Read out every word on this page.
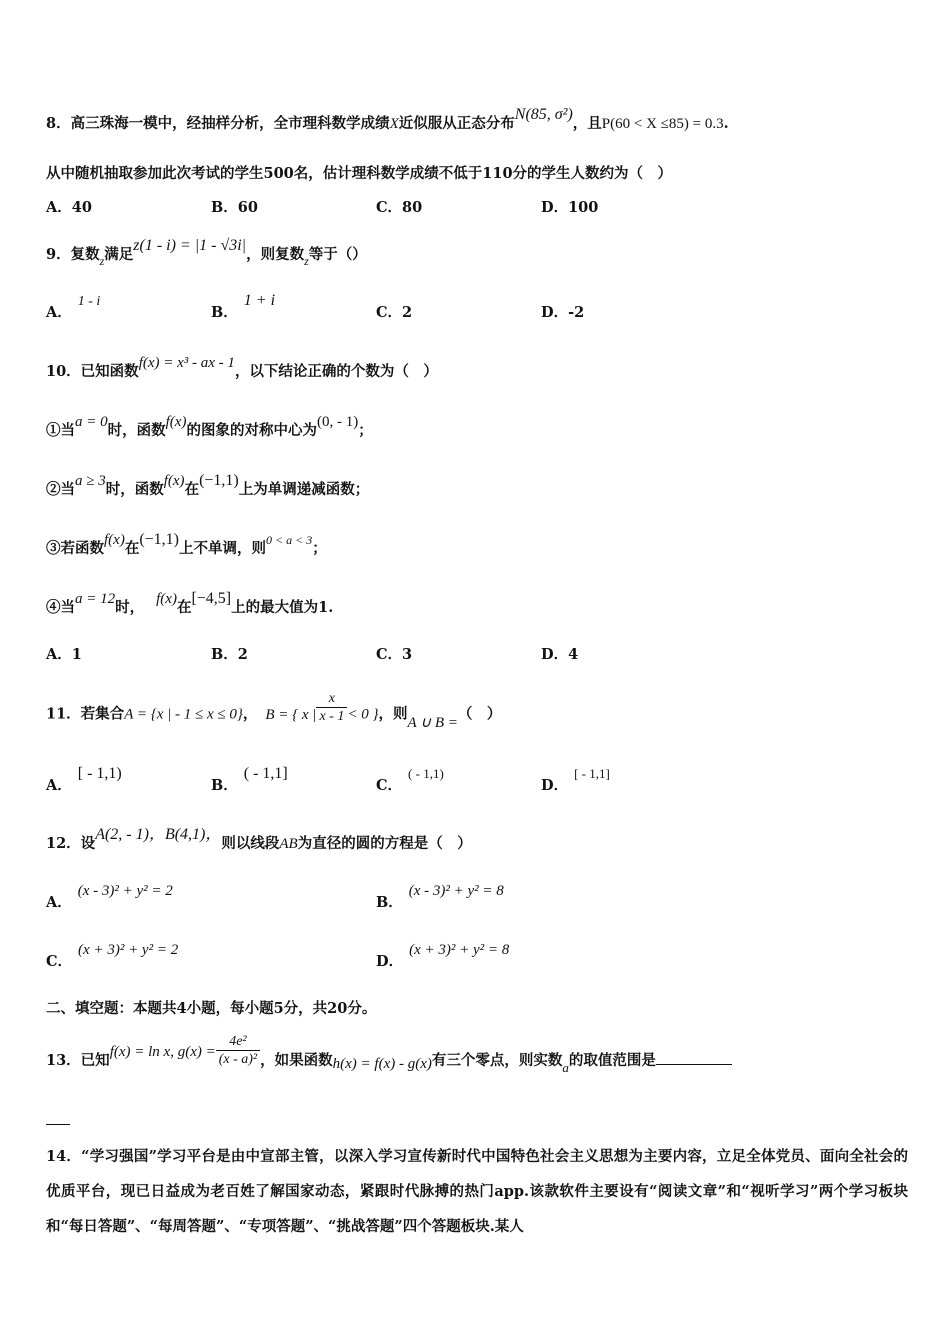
8．高三珠海一模中，经抽样分析，全市理科数学成绩X近似服从正态分布N(85, σ²)，且P(60 < X ≤85) = 0.3.
从中随机抽取参加此次考试的学生500名，估计理科数学成绩不低于110分的学生人数约为（　）
A．40	B．60	C．80	D．100
9．复数$_z$满足z(1 - i) = |1 - √3i|，则复数$_z$等于（）
A．1 - i
B．1 + i
C．2	D．-2
10．已知函数f(x) = x³ - ax - 1，以下结论正确的个数为（　）
①当a = 0时，函数f(x)的图象的对称中心为(0, - 1)；
②当a ≥ 3时，函数f(x)在(−1,1)上为单调递减函数；
③若函数f(x)在(−1,1)上不单调，则$^{0 < a < 3}$；
④当a = 12时， f(x)在[−4,5]上的最大值为1.
A．1	B．2	C．3	D．4
11．若集合A = {x | - 1 ≤ x ≤ 0}， B = { x | $\frac{x}{x - 1} < 0$ }，则A ∪ B =（　）
A．[ - 1,1)
B．( - 1,1]
C．( - 1,1)
D．[ - 1,1]
12．设A(2, - 1)，B(4,1)，则以线段AB为直径的圆的方程是（　）
A．(x - 3)² + y² = 2
B．(x - 3)² + y² = 8
C．(x + 3)² + y² = 2
D．(x + 3)² + y² = 8
二、填空题：本题共4小题，每小题5分，共20分。
13．已知f(x) = ln x, $g(x) = \frac{\text{4e²}}{\text{(x - a)²}}$ ，如果函数h(x) = f(x) - g(x)有三个零点，则实数a的取值范围是
14．“学习强国”学习平台是由中宣部主管，以深入学习宣传新时代中国特色社会主义思想为主要内容，立足全体党员、面向全社会的优质平台，现已日益成为老百姓了解国家动态，紧跟时代脉搏的热门app.该款软件主要设有“阅读文章”和“视听学习”两个学习板块和“每日答题”、“每周答题”、“专项答题”、“挑战答题”四个答题板块.某人
